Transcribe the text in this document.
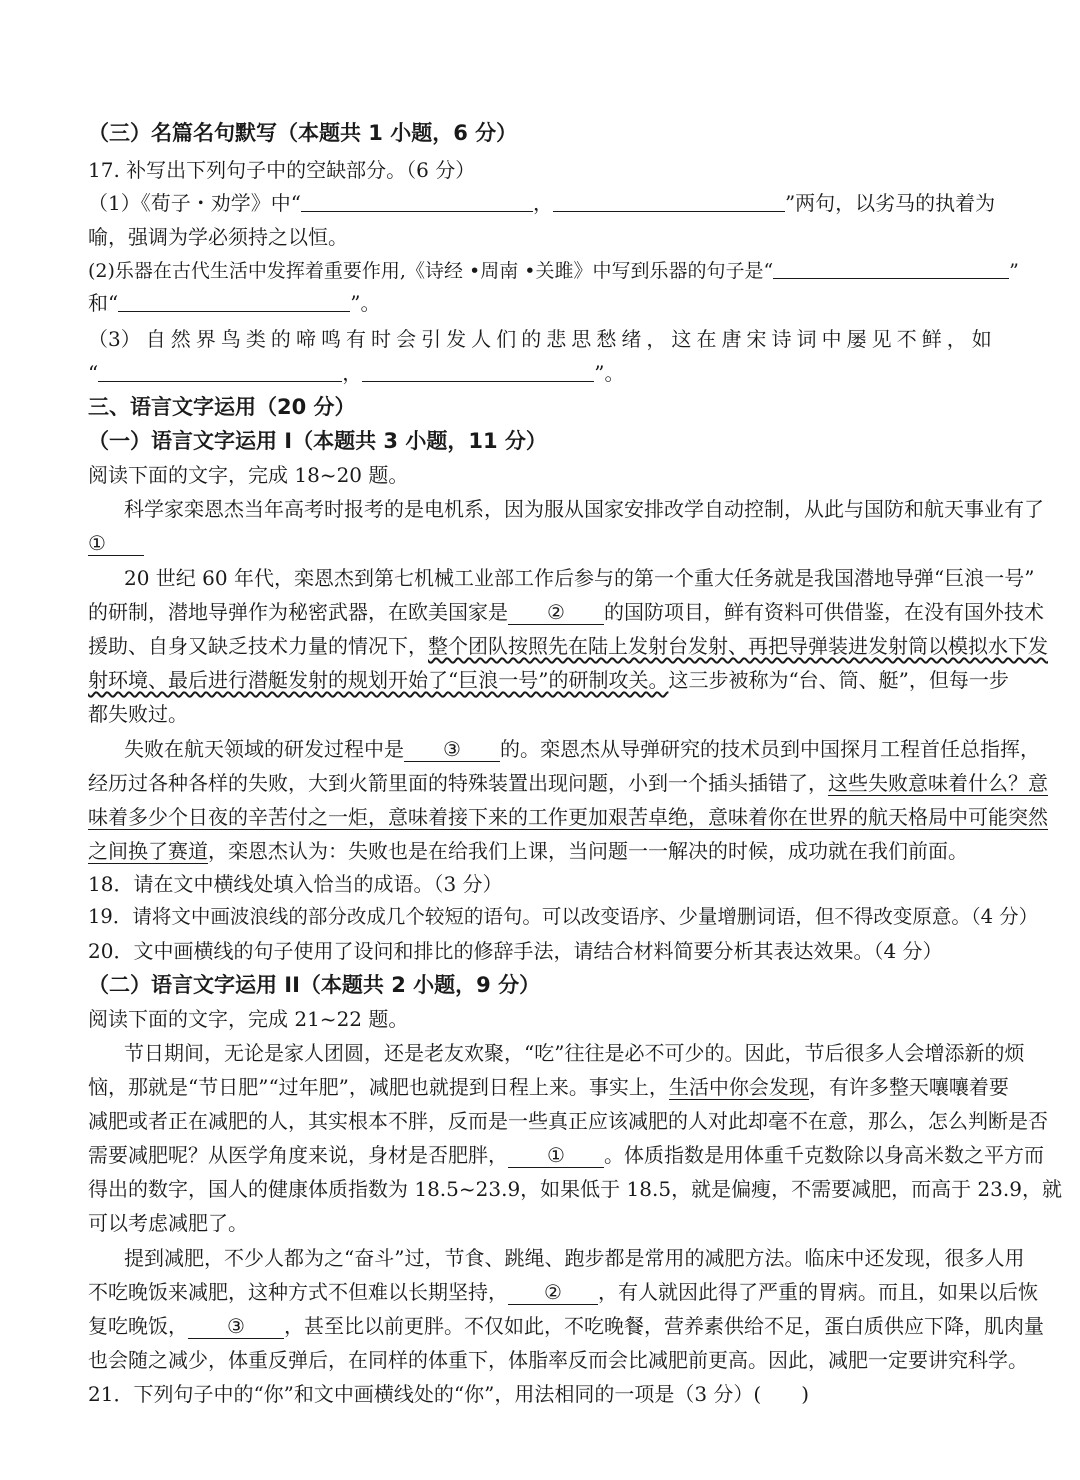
（三）名篇名句默写（本题共 1 小题，6 分）
17. 补写出下列句子中的空缺部分。（6 分）
（1）《荀子・劝学》中“	，	”两句，以劣马的执着为
喻，强调为学必须持之以恒。
(2)乐器在古代生活中发挥着重要作用,《诗经 •周南 •关雎》中写到乐器的句子是“	”
和“	”。
（3） 自 然 界 鸟 类 的 啼 鸣 有 时 会 引 发 人 们 的 悲 思 愁 绪 ， 这 在 唐 宋 诗 词 中 屡 见 不 鲜 ， 如
“	，	”。
三、语言文字运用（20 分）
（一）语言文字运用 Ⅰ（本题共 3 小题，11 分）
阅读下面的文字，完成 18~20 题。
科学家栾恩杰当年高考时报考的是电机系，因为服从国家安排改学自动控制，从此与国防和航天事业有了
①
20 世纪 60 年代，栾恩杰到第七机械工业部工作后参与的第一个重大任务就是我国潜地导弹“巨浪一号”
的研制，潜地导弹作为秘密武器，在欧美国家是 ② 的国防项目，鲜有资料可供借鉴，在没有国外技术
援助、自身又缺乏技术力量的情况下，整个团队按照先在陆上发射台发射、再把导弹装进发射筒以模拟水下发
射环境、最后进行潜艇发射的规划开始了“巨浪一号”的研制攻关。这三步被称为“台、筒、艇”，但每一步
都失败过。
失败在航天领域的研发过程中是 ③ 的。栾恩杰从导弹研究的技术员到中国探月工程首任总指挥，
经历过各种各样的失败，大到火箭里面的特殊装置出现问题，小到一个插头插错了，这些失败意味着什么？意
味着多少个日夜的辛苦付之一炬，意味着接下来的工作更加艰苦卓绝，意味着你在世界的航天格局中可能突然
之间换了赛道，栾恩杰认为：失败也是在给我们上课，当问题一一解决的时候，成功就在我们前面。
18．请在文中横线处填入恰当的成语。（3 分）
19．请将文中画波浪线的部分改成几个较短的语句。可以改变语序、少量增删词语，但不得改变原意。（4 分）
20．文中画横线的句子使用了设问和排比的修辞手法，请结合材料简要分析其表达效果。（4 分）
（二）语言文字运用 II（本题共 2 小题，9 分）
阅读下面的文字，完成 21~22 题。
节日期间，无论是家人团圆，还是老友欢聚，“吃”往往是必不可少的。因此，节后很多人会增添新的烦
恼，那就是“节日肥”“过年肥”，减肥也就提到日程上来。事实上，生活中你会发现，有许多整天嚷嚷着要
减肥或者正在减肥的人，其实根本不胖，反而是一些真正应该减肥的人对此却毫不在意，那么，怎么判断是否
需要减肥呢？从医学角度来说，身材是否肥胖， ① 。体质指数是用体重千克数除以身高米数之平方而
得出的数字，国人的健康体质指数为 18.5~23.9，如果低于 18.5，就是偏瘦，不需要减肥，而高于 23.9，就
可以考虑减肥了。
提到减肥，不少人都为之“奋斗”过，节食、跳绳、跑步都是常用的减肥方法。临床中还发现，很多人用
不吃晚饭来减肥，这种方式不但难以长期坚持， ② ，有人就因此得了严重的胃病。而且，如果以后恢
复吃晚饭， ③ ，甚至比以前更胖。不仅如此，不吃晚餐，营养素供给不足，蛋白质供应下降，肌肉量
也会随之减少，体重反弹后，在同样的体重下，体脂率反而会比减肥前更高。因此，减肥一定要讲究科学。
21．下列句子中的“你”和文中画横线处的“你”，用法相同的一项是（3 分）(　　)
